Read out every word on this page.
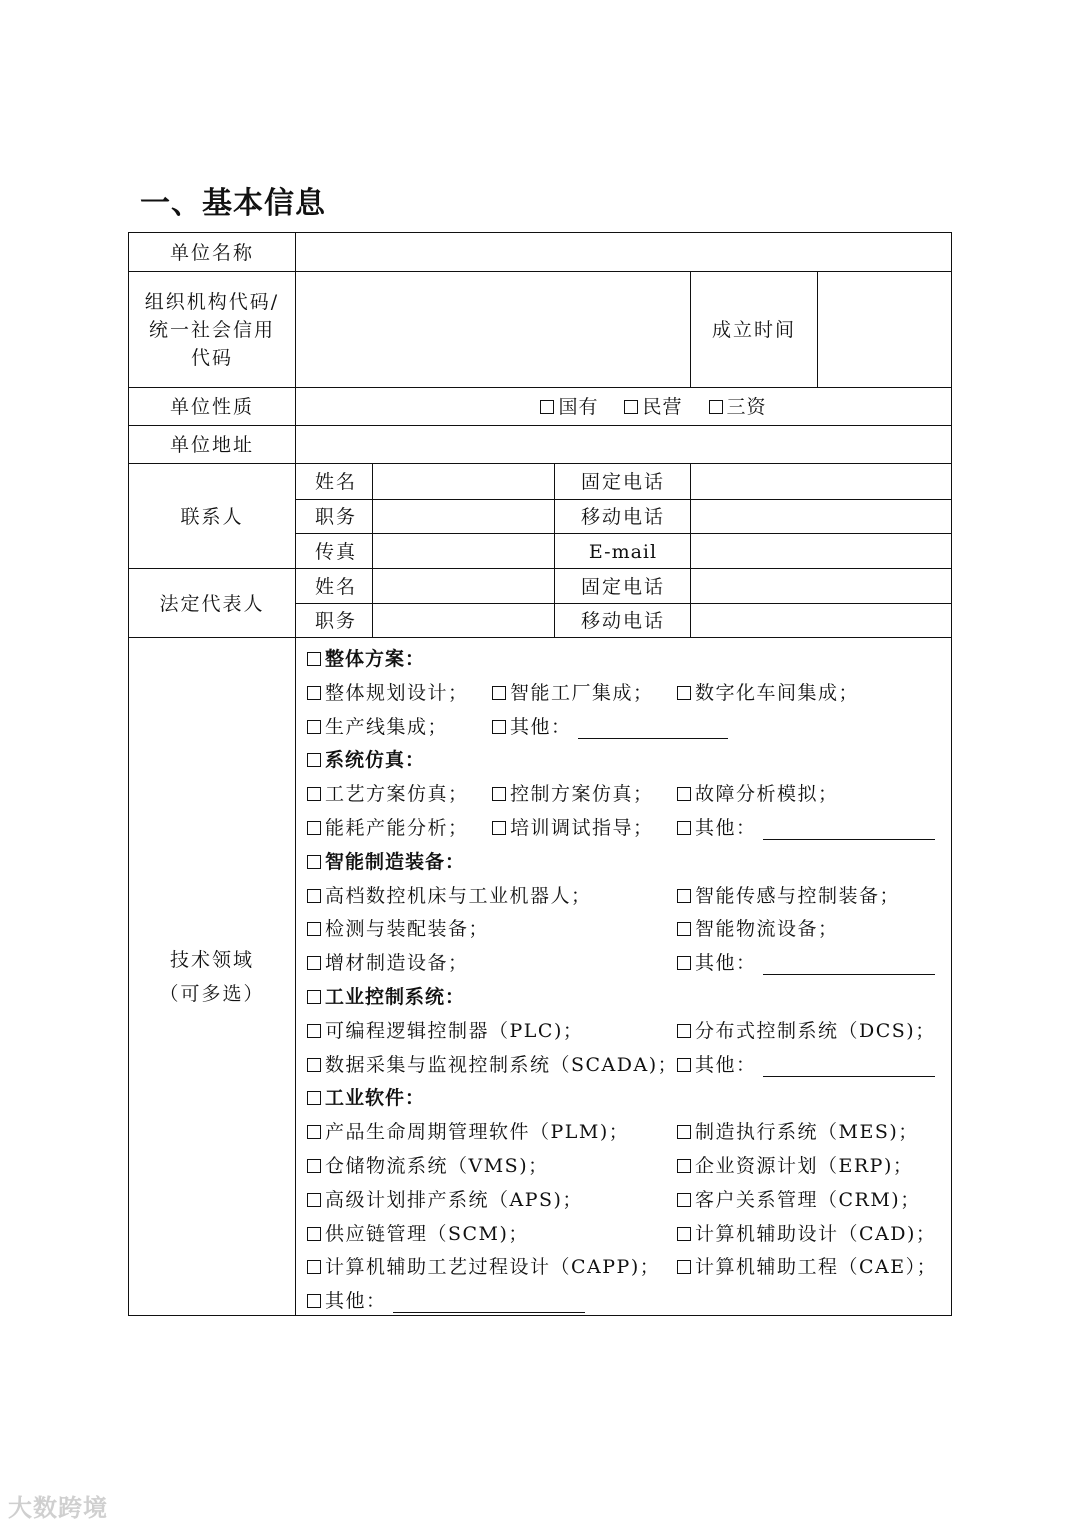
一、基本信息
单位名称
组织机构代码/
统一社会信用
代码
成立时间
单位性质	国有	民营	三资
单位地址
联系人
姓名	固定电话
职务	移动电话
传真	E-mail
法定代表人
姓名	固定电话
职务	移动电话
技术领域
（可多选）
整体方案：
整体规划设计；	智能工厂集成；	数字化车间集成；
生产线集成；	其他：
系统仿真：
工艺方案仿真；	控制方案仿真；	故障分析模拟；
能耗产能分析；	培训调试指导；	其他：
智能制造装备：
高档数控机床与工业机器人；	智能传感与控制装备；
检测与装配装备；	智能物流设备；
增材制造设备；	其他：
工业控制系统：
可编程逻辑控制器（PLC)；	分布式控制系统（DCS)；
数据采集与监视控制系统（SCADA)； 其他：
工业软件：
产品生命周期管理软件（PLM)；	制造执行系统（MES)；
仓储物流系统（VMS)；	企业资源计划（ERP)；
高级计划排产系统（APS)；	客户关系管理（CRM)；
供应链管理（SCM)；	计算机辅助设计（CAD)；
计算机辅助工艺过程设计（CAPP)；	计算机辅助工程（CAE）；
其他：
大数跨境
